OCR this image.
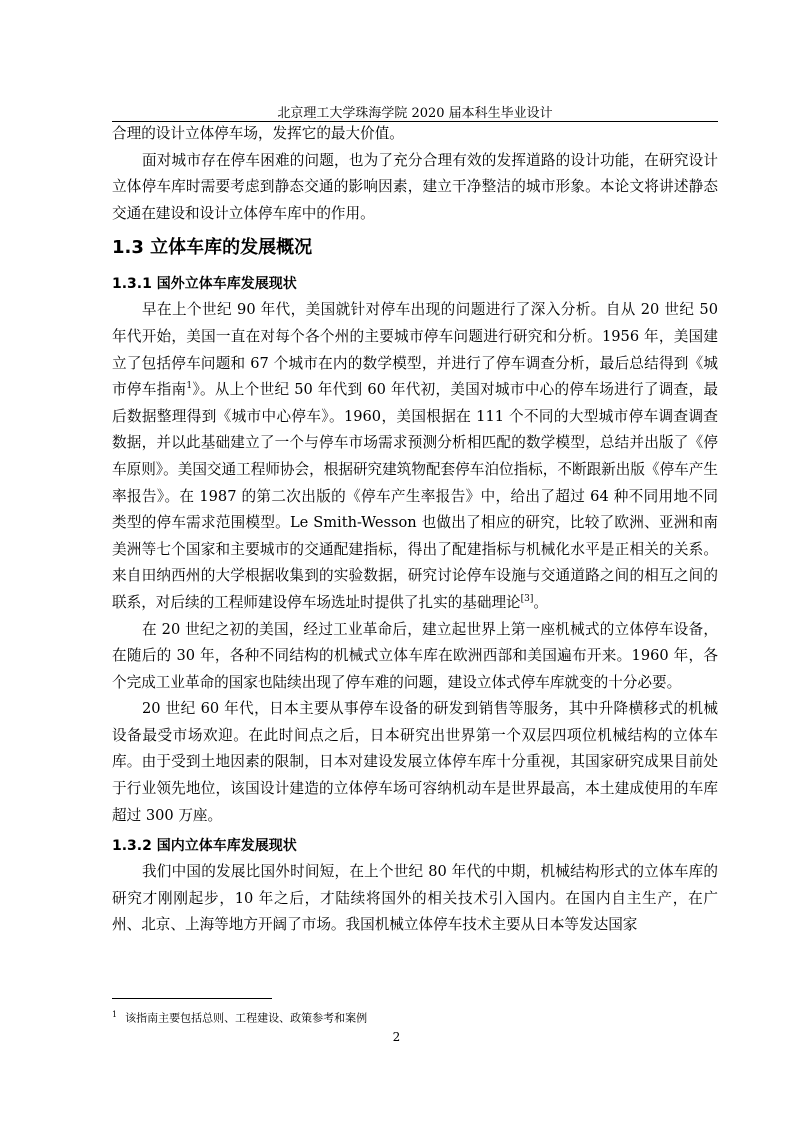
北京理工大学珠海学院 2020 届本科生毕业设计

合理的设计立体停车场，发挥它的最大价值。

面对城市存在停车困难的问题，也为了充分合理有效的发挥道路的设计功能，在研究设计立体停车库时需要考虑到静态交通的影响因素，建立干净整洁的城市形象。本论文将讲述静态交通在建设和设计立体停车库中的作用。

1.3 立体车库的发展概况
1.3.1 国外立体车库发展现状

早在上个世纪 90 年代，美国就针对停车出现的问题进行了深入分析。自从 20 世纪 50 年代开始，美国一直在对每个各个州的主要城市停车问题进行研究和分析。1956 年，美国建立了包括停车问题和 67 个城市在内的数学模型，并进行了停车调查分析，最后总结得到《城市停车指南$^1$》。从上个世纪 50 年代到 60 年代初，美国对城市中心的停车场进行了调查，最后数据整理得到《城市中心停车》。1960，美国根据在 111 个不同的大型城市停车调查调查数据，并以此基础建立了一个与停车市场需求预测分析相匹配的数学模型，总结并出版了《停车原则》。美国交通工程师协会，根据研究建筑物配套停车泊位指标，不断跟新出版《停车产生率报告》。在 1987 的第二次出版的《停车产生率报告》中，给出了超过 64 种不同用地不同类型的停车需求范围模型。Le Smith-Wesson 也做出了相应的研究，比较了欧洲、亚洲和南美洲等七个国家和主要城市的交通配建指标，得出了配建指标与机械化水平是正相关的关系。来自田纳西州的大学根据收集到的实验数据，研究讨论停车设施与交通道路之间的相互之间的联系，对后续的工程师建设停车场选址时提供了扎实的基础理论[3]。

在 20 世纪之初的美国，经过工业革命后，建立起世界上第一座机械式的立体停车设备，在随后的 30 年，各种不同结构的机械式立体车库在欧洲西部和美国遍布开来。1960 年，各个完成工业革命的国家也陆续出现了停车难的问题，建设立体式停车库就变的十分必要。

20 世纪 60 年代，日本主要从事停车设备的研发到销售等服务，其中升降横移式的机械设备最受市场欢迎。在此时间点之后，日本研究出世界第一个双层四项位机械结构的立体车库。由于受到土地因素的限制，日本对建设发展立体停车库十分重视，其国家研究成果目前处于行业领先地位，该国设计建造的立体停车场可容纳机动车是世界最高，本土建成使用的车库超过 300 万座。

1.3.2 国内立体车库发展现状

我们中国的发展比国外时间短，在上个世纪 80 年代的中期，机械结构形式的立体车库的研究才刚刚起步，10 年之后，才陆续将国外的相关技术引入国内。在国内自主生产，在广州、北京、上海等地方开阔了市场。我国机械立体停车技术主要从日本等发达国家

$^1$ 该指南主要包括总则、工程建设、政策参考和案例
2
